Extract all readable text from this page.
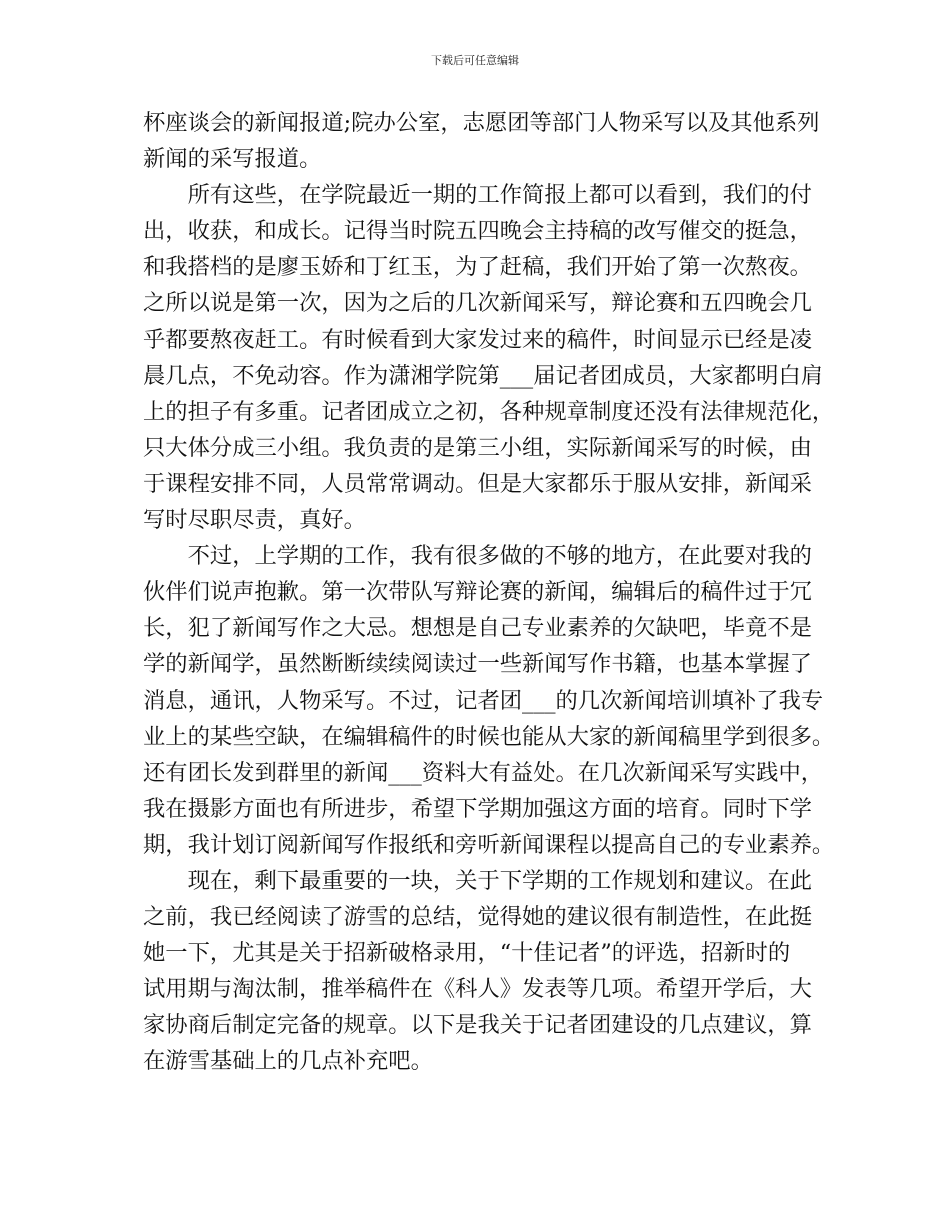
下载后可任意编辑
杯座谈会的新闻报道;院办公室，志愿团等部门人物采写以及其他系列
新闻的采写报道。
所有这些，在学院最近一期的工作简报上都可以看到，我们的付
出，收获，和成长。记得当时院五四晚会主持稿的改写催交的挺急，
和我搭档的是廖玉娇和丁红玉，为了赶稿，我们开始了第一次熬夜。
之所以说是第一次，因为之后的几次新闻采写，辩论赛和五四晚会几
乎都要熬夜赶工。有时候看到大家发过来的稿件，时间显示已经是凌
晨几点，不免动容。作为潇湘学院第___届记者团成员，大家都明白肩
上的担子有多重。记者团成立之初，各种规章制度还没有法律规范化，
只大体分成三小组。我负责的是第三小组，实际新闻采写的时候，由
于课程安排不同，人员常常调动。但是大家都乐于服从安排，新闻采
写时尽职尽责，真好。
不过，上学期的工作，我有很多做的不够的地方，在此要对我的
伙伴们说声抱歉。第一次带队写辩论赛的新闻，编辑后的稿件过于冗
长，犯了新闻写作之大忌。想想是自己专业素养的欠缺吧，毕竟不是
学的新闻学，虽然断断续续阅读过一些新闻写作书籍，也基本掌握了
消息，通讯，人物采写。不过，记者团___的几次新闻培训填补了我专
业上的某些空缺，在编辑稿件的时候也能从大家的新闻稿里学到很多。
还有团长发到群里的新闻___资料大有益处。在几次新闻采写实践中，
我在摄影方面也有所进步，希望下学期加强这方面的培育。同时下学
期，我计划订阅新闻写作报纸和旁听新闻课程以提高自己的专业素养。
现在，剩下最重要的一块，关于下学期的工作规划和建议。在此
之前，我已经阅读了游雪的总结，觉得她的建议很有制造性，在此挺
她一下，尤其是关于招新破格录用，“十佳记者”的评选，招新时的
试用期与淘汰制，推举稿件在《科人》发表等几项。希望开学后，大
家协商后制定完备的规章。以下是我关于记者团建设的几点建议，算
在游雪基础上的几点补充吧。
